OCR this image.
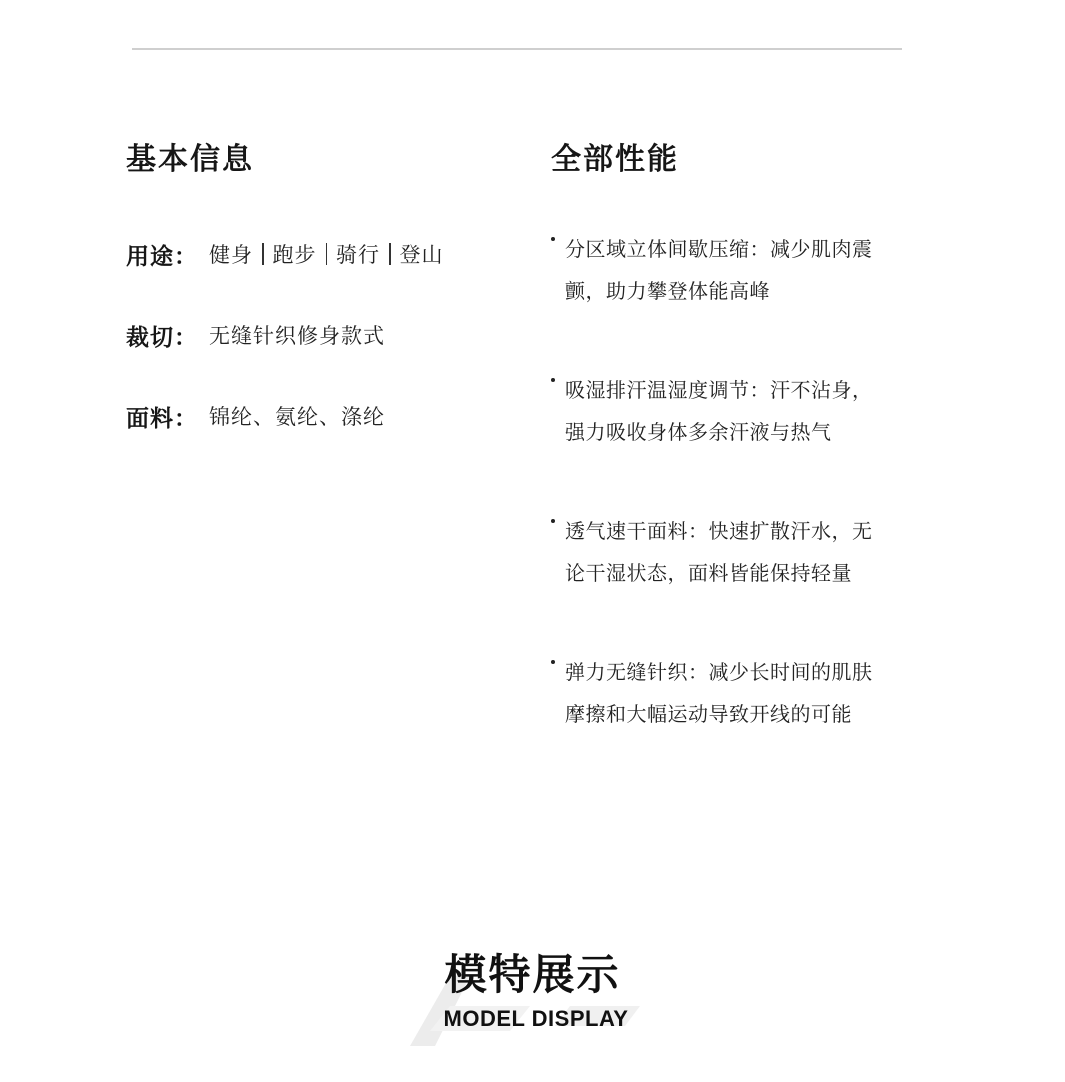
基本信息
用途 ： 健身 跑步 骑行 登山
裁切 ： 无缝针织修身款式
面料 ： 锦纶、氨纶、涤纶
全部性能

分区域立体间歇压缩：减少肌肉震

颤，助力攀登体能高峰

吸湿排汗温湿度调节：汗不沾身，

强力吸收身体多余汗液与热气

透气速干面料：快速扩散汗水，无

论干湿状态，面料皆能保持轻量

弹力无缝针织：减少长时间的肌肤

摩擦和大幅运动导致开线的可能

模特展示

MODEL DISPLAY
